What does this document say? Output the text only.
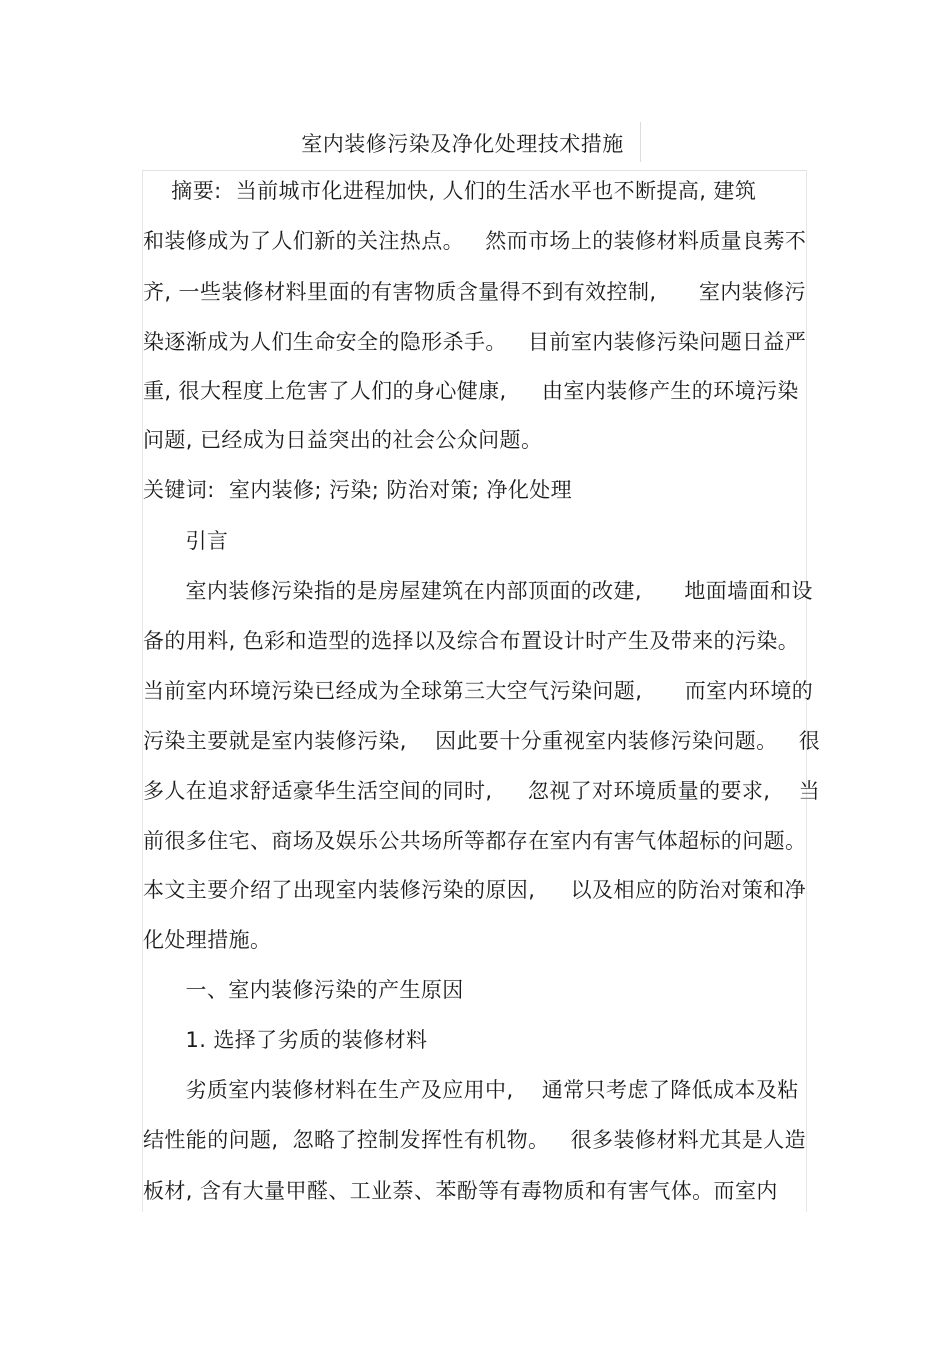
室内装修污染及净化处理技术措施
摘要:  当前城市化进程加快, 人们的生活水平也不断提高, 建筑
和装修成为了人们新的关注热点。   然而市场上的装修材料质量良莠不
齐, 一些装修材料里面的有害物质含量得不到有效控制,      室内装修污
染逐渐成为人们生命安全的隐形杀手。   目前室内装修污染问题日益严
重, 很大程度上危害了人们的身心健康,     由室内装修产生的环境污染
问题, 已经成为日益突出的社会公众问题。
关键词:  室内装修; 污染; 防治对策; 净化处理
引言
室内装修污染指的是房屋建筑在内部顶面的改建,      地面墙面和设
备的用料, 色彩和造型的选择以及综合布置设计时产生及带来的污染。
当前室内环境污染已经成为全球第三大空气污染问题,      而室内环境的
污染主要就是室内装修污染,    因此要十分重视室内装修污染问题。   很
多人在追求舒适豪华生活空间的同时,     忽视了对环境质量的要求,    当
前很多住宅、商场及娱乐公共场所等都存在室内有害气体超标的问题。
本文主要介绍了出现室内装修污染的原因,     以及相应的防治对策和净
化处理措施。
一、室内装修污染的产生原因
1. 选择了劣质的装修材料
劣质室内装修材料在生产及应用中,    通常只考虑了降低成本及粘
结性能的问题,  忽略了控制发挥性有机物。   很多装修材料尤其是人造
板材, 含有大量甲醛、工业萘、苯酚等有毒物质和有害气体。而室内
